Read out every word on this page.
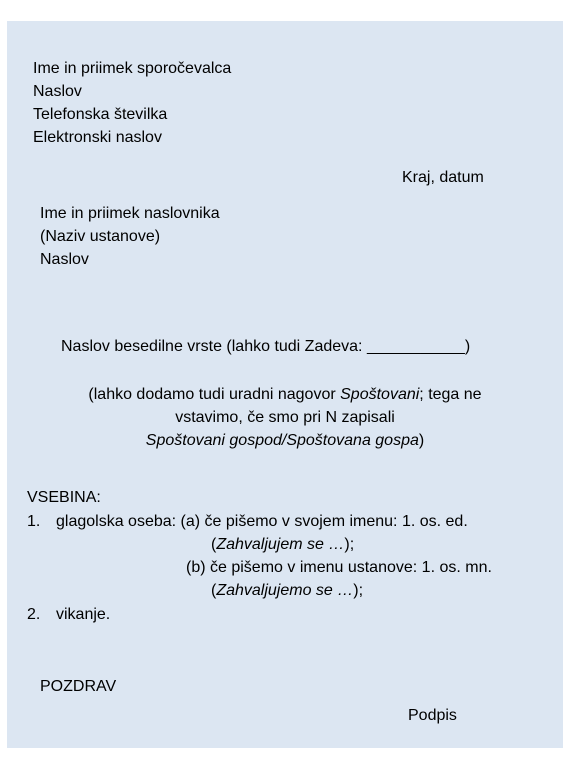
Ime in priimek sporočevalca
Naslov
Telefonska številka
Elektronski naslov
Kraj, datum
Ime in priimek naslovnika
(Naziv ustanove)
Naslov
Naslov besedilne vrste (lahko tudi Zadeva: ___________)
(lahko dodamo tudi uradni nagovor Spoštovani; tega ne
vstavimo, če smo pri N zapisali
Spoštovani gospod/Spoštovana gospa)
VSEBINA:
1. glagolska oseba: (a) če pišemo v svojem imenu: 1. os. ed.
(Zahvaljujem se …);
(b) če pišemo v imenu ustanove: 1. os. mn.
(Zahvaljujemo se …);
2. vikanje.
POZDRAV
Podpis
